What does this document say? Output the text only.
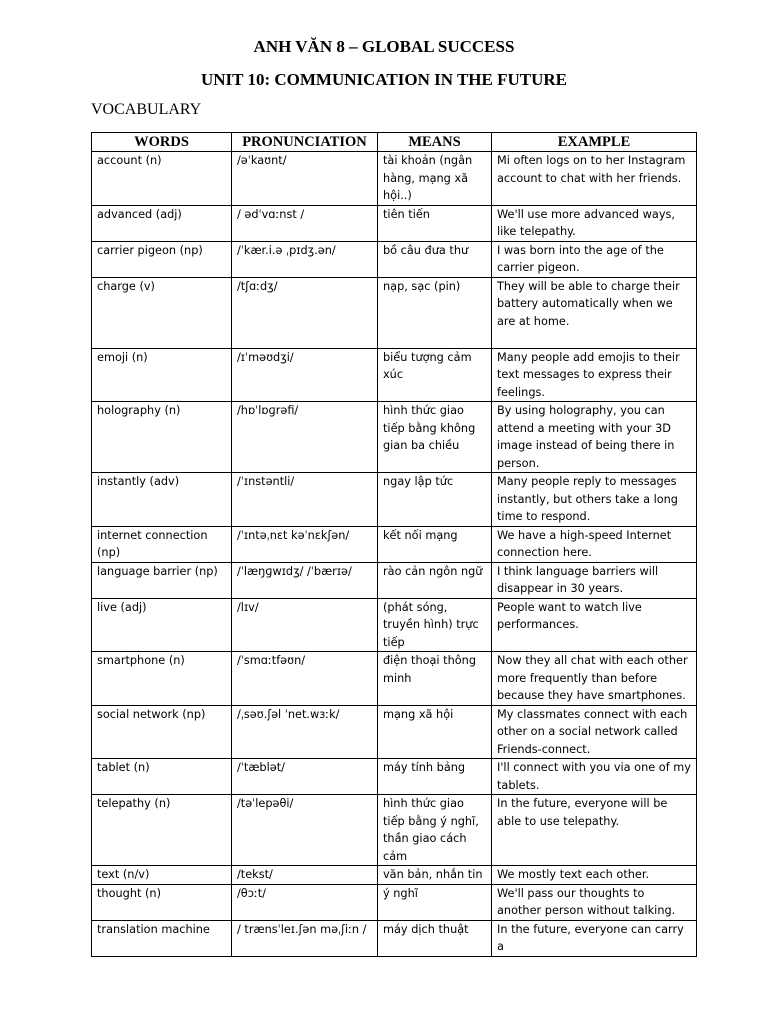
ANH VĂN 8 – GLOBAL SUCCESS
UNIT 10: COMMUNICATION IN THE FUTURE
VOCABULARY
WORDS	PRONUNCIATION	MEANS	EXAMPLE
account (n)	/əˈkaʊnt/	tài khoản (ngân hàng, mạng xã hội..)	Mi often logs on to her Instagram account to chat with her friends.
advanced (adj)	/ ədˈvɑːnst /	tiên tiến	We'll use more advanced ways, like telepathy.
carrier pigeon (np)	/ˈkær.i.ə ˌpɪdʒ.ən/	bồ câu đưa thư	I was born into the age of the carrier pigeon.
charge (v)	/tʃɑːdʒ/	nạp, sạc (pin)	They will be able to charge their battery automatically when we are at home.
emoji (n)	/ɪˈməʊdʒi/	biểu tượng cảm xúc	Many people add emojis to their text messages to express their feelings.
holography (n)	/hɒˈlɒɡrəfi/	hình thức giao tiếp bằng không gian ba chiều	By using holography, you can attend a meeting with your 3D image instead of being there in person.
instantly (adv)	/ˈɪnstəntli/	ngay lập tức	Many people reply to messages instantly, but others take a long time to respond.
internet connection (np)	/ˈɪntəˌnɛt kəˈnɛkʃən/	kết nối mạng	We have a high-speed Internet connection here.
language barrier (np)	/ˈlæŋɡwɪdʒ/ /ˈbærɪə/	rào cản ngôn ngữ	I think language barriers will disappear in 30 years.
live (adj)	/lɪv/	(phát sóng, truyền hình) trực tiếp	People want to watch live performances.
smartphone (n)	/ˈsmɑːtfəʊn/	điện thoại thông minh	Now they all chat with each other more frequently than before because they have smartphones.
social network (np)	/ˌsəʊ.ʃəl ˈnet.wɜːk/	mạng xã hội	My classmates connect with each other on a social network called Friends-connect.
tablet (n)	/ˈtæblət/	máy tính bảng	I'll connect with you via one of my tablets.
telepathy (n)	/təˈlepəθi/	hình thức giao tiếp bằng ý nghĩ, thần giao cách cảm	In the future, everyone will be able to use telepathy.
text (n/v)	/tekst/	văn bản, nhắn tin	We mostly text each other.
thought (n)	/θɔːt/	ý nghĩ	We'll pass our thoughts to another person without talking.
translation machine	/ trænsˈleɪ.ʃən məˌʃiːn /	máy dịch thuật	In the future, everyone can carry a
